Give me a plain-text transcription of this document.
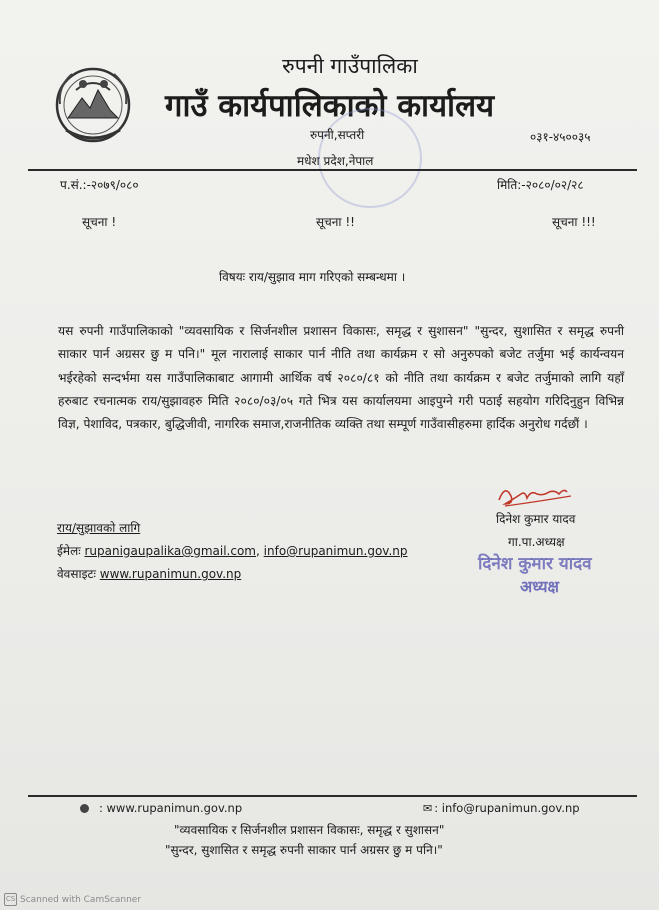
रुपनी गाउँपालिका
गाउँ कार्यपालिकाको कार्यालय
रुपनी,सप्तरी
मधेश प्रदेश,नेपाल
०३१-४५००३५
प.सं.:-२०७९/०८०	मिति:-२०८०/०२/२८
सूचना !	सूचना !!	सूचना !!!
विषयः राय/सुझाव माग गरिएको सम्बन्धमा ।

यस रुपनी गाउँपालिकाको "व्यवसायिक र सिर्जनशील प्रशासन विकासः, समृद्ध र सुशासन" "सुन्दर, सुशासित र समृद्ध रुपनी साकार पार्न अग्रसर छु म पनि।" मूल नारालाई साकार पार्न नीति तथा कार्यक्रम र सो अनुरुपको बजेट तर्जुमा भई कार्यन्वयन भईरहेको सन्दर्भमा यस गाउँपालिकाबाट आगामी आर्थिक वर्ष २०८०/८१ को नीति तथा कार्यक्रम र बजेट तर्जुमाको लागि यहाँ हरुबाट रचनात्मक राय/सुझावहरु मिति २०८०/०३/०५ गते भित्र यस कार्यालयमा आइपुग्ने गरी पठाई सहयोग गरिदिनुहुन विभिन्न विज्ञ, पेशाविद, पत्रकार, बुद्धिजीवी, नागरिक समाज,राजनीतिक व्यक्ति तथा सम्पूर्ण गाउँवासीहरुमा हार्दिक अनुरोध गर्दछौं ।

दिनेश कुमार यादव
गा.पा.अध्यक्ष
दिनेश कुमार यादव
अध्यक्ष
राय/सुझावको लागि
ईमेलः rupanigaupalika@gmail.com, info@rupanimun.gov.np
वेवसाइटः www.rupanimun.gov.np
: www.rupanimun.gov.np	✉ : info@rupanimun.gov.np
"व्यवसायिक र सिर्जनशील प्रशासन विकासः, समृद्ध र सुशासन"
"सुन्दर, सुशासित र समृद्ध रुपनी साकार पार्न अग्रसर छु म पनि।"
CS Scanned with CamScanner
